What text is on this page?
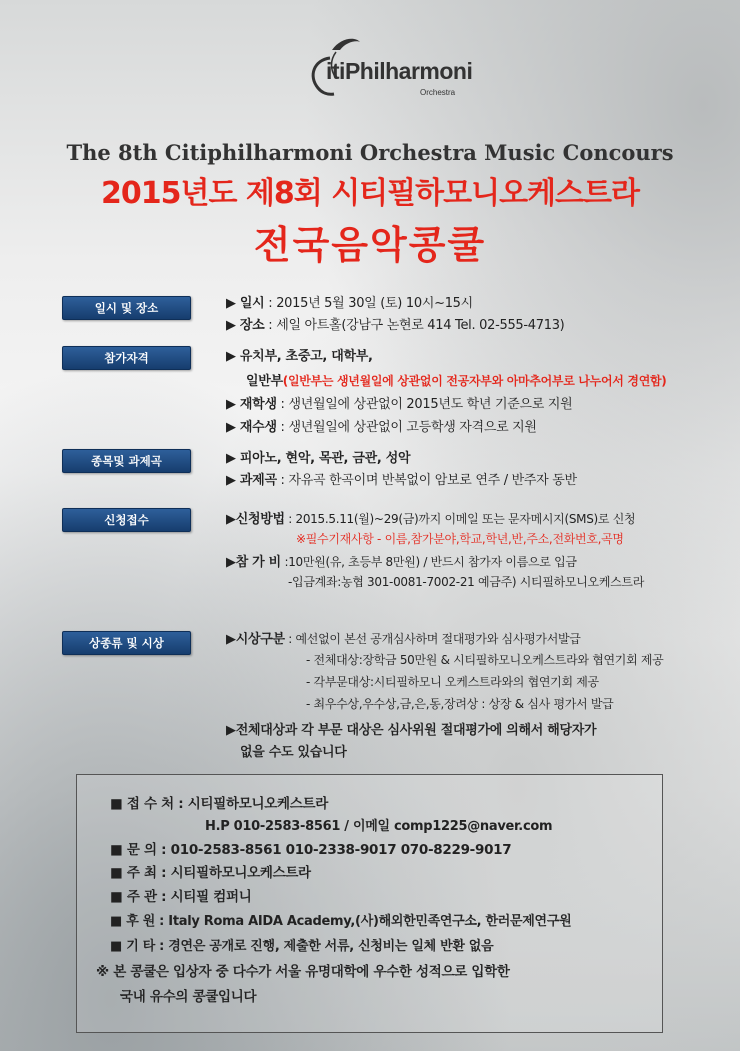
itiPhilharmoni
Orchestra
The 8th Citiphilharmoni Orchestra Music Concours
2015년도 제8회 시티필하모니오케스트라
전국음악콩쿨
일시 및 장소	▶ 일시 : 2015년 5월 30일 (토) 10시~15시
▶ 장소 : 세일 아트홀(강남구 논현로 414 Tel. 02-555-4713)
참가자격	▶ 유치부, 초중고, 대학부,
일반부(일반부는 생년월일에 상관없이 전공자부와 아마추어부로 나누어서 경연함)
▶ 재학생 : 생년월일에 상관없이 2015년도 학년 기준으로 지원
▶ 재수생 : 생년월일에 상관없이 고등학생 자격으로 지원
종목및 과제곡	▶ 피아노, 현악, 목관, 금관, 성악
▶ 과제곡 : 자유곡 한곡이며 반복없이 암보로 연주 / 반주자 동반
신청접수	▶신청방법 : 2015.5.11(월)~29(금)까지 이메일 또는 문자메시지(SMS)로 신청
※필수기재사항 - 이름,참가분야,학교,학년,반,주소,전화번호,곡명
▶참 가 비 :10만원(유, 초등부 8만원) / 반드시 참가자 이름으로 입금
-입금계좌:농협 301-0081-7002-21 예금주) 시티필하모니오케스트라
상종류 및 시상	▶시상구분 : 예선없이 본선 공개심사하며 절대평가와 심사평가서발급
- 전체대상:장학금 50만원 & 시티필하모니오케스트라와 협연기회 제공
- 각부문대상:시티필하모니 오케스트라와의 협연기회 제공
- 최우수상,우수상,금,은,동,장려상 : 상장 & 심사 평가서 발급
▶전체대상과 각 부문 대상은 심사위원 절대평가에 의해서 해당자가
없을 수도 있습니다
■ 접 수 처 : 시티필하모니오케스트라
H.P 010-2583-8561 / 이메일 comp1225@naver.com
■ 문 의 : 010-2583-8561 010-2338-9017 070-8229-9017
■ 주 최 : 시티필하모니오케스트라
■ 주 관 : 시티필 컴퍼니
■ 후 원 : Italy Roma AIDA Academy,(사)해외한민족연구소, 한러문제연구원
■ 기 타 : 경연은 공개로 진행, 제출한 서류, 신청비는 일체 반환 없음
※ 본 콩쿨은 입상자 중 다수가 서울 유명대학에 우수한 성적으로 입학한
국내 유수의 콩쿨입니다
